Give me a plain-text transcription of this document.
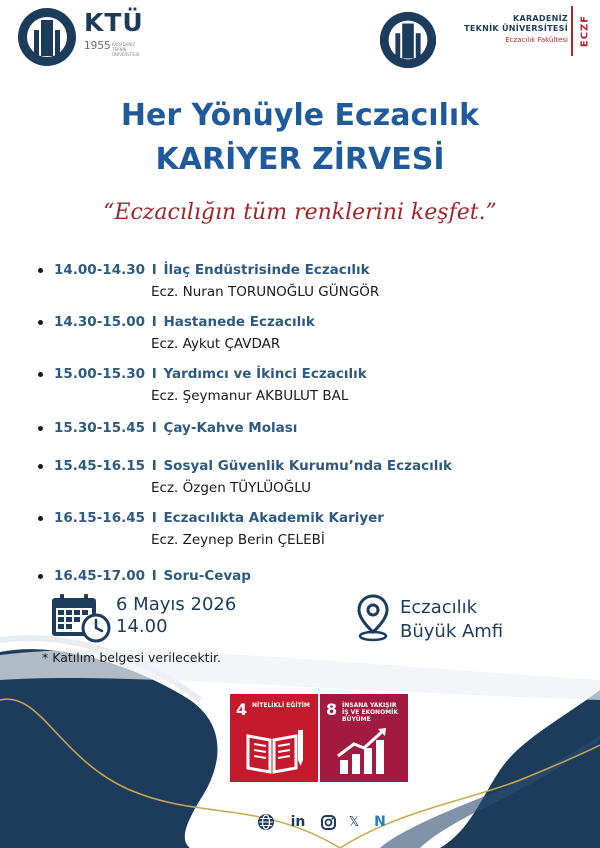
KTÜ
1955 KARADENİZ
TEKNİK ÜNİVERSİTESİ
KARADENİZ
TEKNİK ÜNİVERSİTESİ
Eczacılık Fakültesi ECZF
Her Yönüyle Eczacılık
KARİYER ZİRVESİ
“Eczacılığın tüm renklerini keşfet.”
14.00-14.30 I İlaç Endüstrisinde Eczacılık
Ecz. Nuran TORUNOĞLU GÜNGÖR
14.30-15.00 I Hastanede Eczacılık
Ecz. Aykut ÇAVDAR
15.00-15.30 I Yardımcı ve İkinci Eczacılık
Ecz. Şeymanur AKBULUT BAL
15.30-15.45 I Çay-Kahve Molası
15.45-16.15 I Sosyal Güvenlik Kurumu’nda Eczacılık
Ecz. Özgen TÜYLÜOĞLU
16.15-16.45 I Eczacılıkta Akademik Kariyer
Ecz. Zeynep Berin ÇELEBİ
16.45-17.00 I Soru-Cevap
6 Mayıs 2026
14.00
Eczacılık
Büyük Amfi
* Katılım belgesi verilecektir.
4 NİTELİKLİ EĞİTİM 8 İNSANA YAKIŞIR İŞ VE EKONOMİK BÜYÜME
in	𝕏 N
